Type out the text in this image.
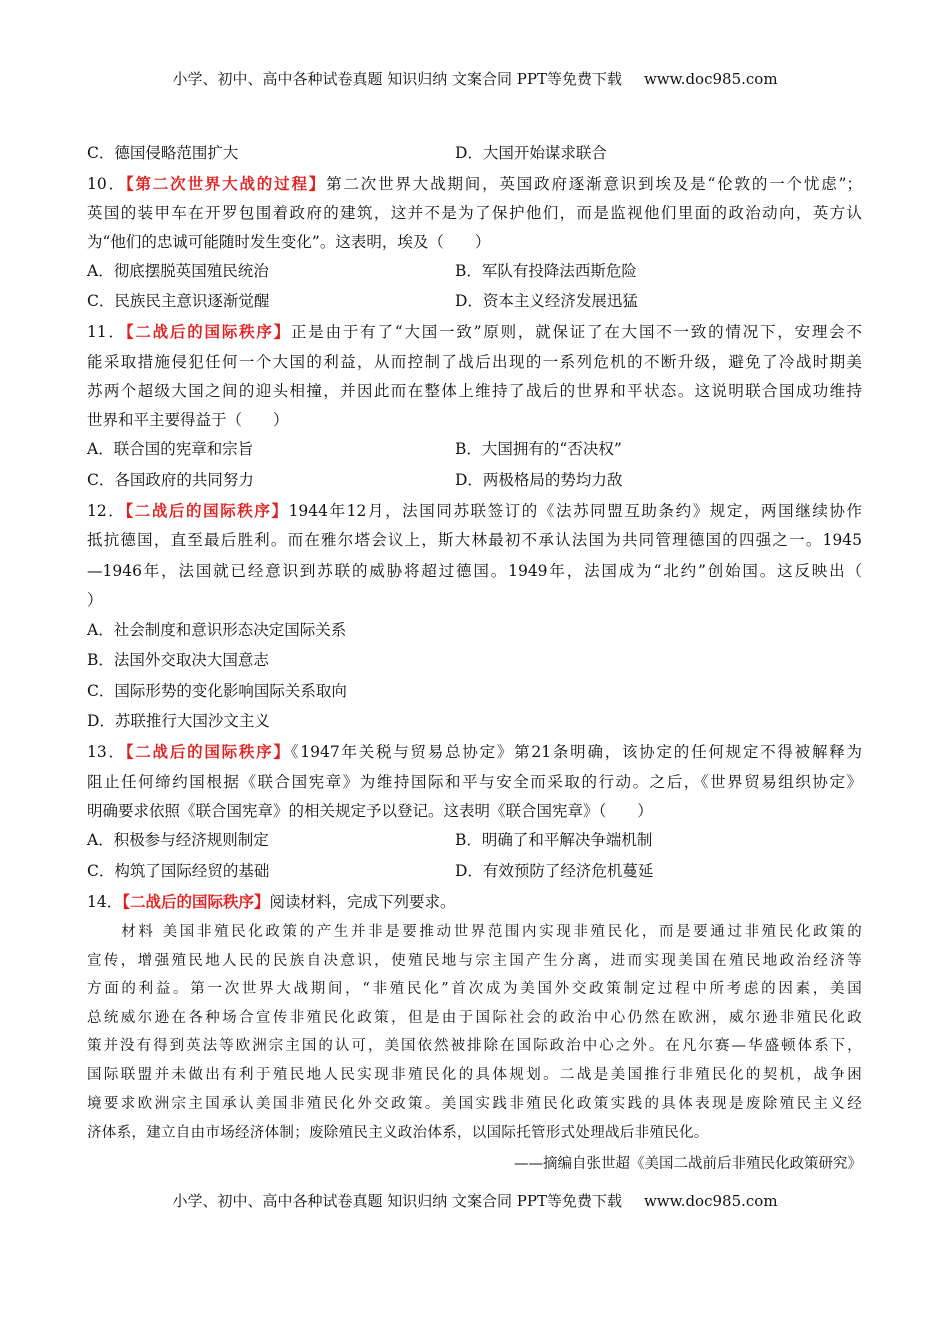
小学、初中、高中各种试卷真题 知识归纳 文案合同 PPT等免费下载 www.doc985.com
C．德国侵略范围扩大	D．大国开始谋求联合
10．【第二次世界大战的过程】第二次世界大战期间，英国政府逐渐意识到埃及是“伦敦的一个忧虑”；
英国的装甲车在开罗包围着政府的建筑，这并不是为了保护他们，而是监视他们里面的政治动向，英方认
为“他们的忠诚可能随时发生变化”。这表明，埃及（　　）
A．彻底摆脱英国殖民统治	B．军队有投降法西斯危险
C．民族民主意识逐渐觉醒	D．资本主义经济发展迅猛
11．【二战后的国际秩序】正是由于有了“大国一致”原则，就保证了在大国不一致的情况下，安理会不
能采取措施侵犯任何一个大国的利益，从而控制了战后出现的一系列危机的不断升级，避免了冷战时期美
苏两个超级大国之间的迎头相撞，并因此而在整体上维持了战后的世界和平状态。这说明联合国成功维持
世界和平主要得益于（　　）
A．联合国的宪章和宗旨	B．大国拥有的“否决权”
C．各国政府的共同努力	D．两极格局的势均力敌
12．【二战后的国际秩序】1944年12月，法国同苏联签订的《法苏同盟互助条约》规定，两国继续协作
抵抗德国，直至最后胜利。而在雅尔塔会议上，斯大林最初不承认法国为共同管理德国的四强之一。1945
—1946年，法国就已经意识到苏联的威胁将超过德国。1949年，法国成为“北约”创始国。这反映出（
）
A．社会制度和意识形态决定国际关系
B．法国外交取决大国意志
C．国际形势的变化影响国际关系取向
D．苏联推行大国沙文主义
13．【二战后的国际秩序】《1947年关税与贸易总协定》第21条明确，该协定的任何规定不得被解释为
阻止任何缔约国根据《联合国宪章》为维持国际和平与安全而采取的行动。之后，《世界贸易组织协定》
明确要求依照《联合国宪章》的相关规定予以登记。这表明《联合国宪章》（　　）
A．积极参与经济规则制定	B．明确了和平解决争端机制
C．构筑了国际经贸的基础	D．有效预防了经济危机蔓延
14．【二战后的国际秩序】阅读材料，完成下列要求。
　　材料 美国非殖民化政策的产生并非是要推动世界范围内实现非殖民化，而是要通过非殖民化政策的
宣传，增强殖民地人民的民族自决意识，使殖民地与宗主国产生分离，进而实现美国在殖民地政治经济等
方面的利益。第一次世界大战期间，“非殖民化”首次成为美国外交政策制定过程中所考虑的因素，美国
总统威尔逊在各种场合宣传非殖民化政策，但是由于国际社会的政治中心仍然在欧洲，威尔逊非殖民化政
策并没有得到英法等欧洲宗主国的认可，美国依然被排除在国际政治中心之外。在凡尔赛—华盛顿体系下，
国际联盟并未做出有利于殖民地人民实现非殖民化的具体规划。二战是美国推行非殖民化的契机，战争困
境要求欧洲宗主国承认美国非殖民化外交政策。美国实践非殖民化政策实践的具体表现是废除殖民主义经
济体系，建立自由市场经济体制；废除殖民主义政治体系，以国际托管形式处理战后非殖民化。
——摘编自张世超《美国二战前后非殖民化政策研究》
小学、初中、高中各种试卷真题 知识归纳 文案合同 PPT等免费下载 www.doc985.com
